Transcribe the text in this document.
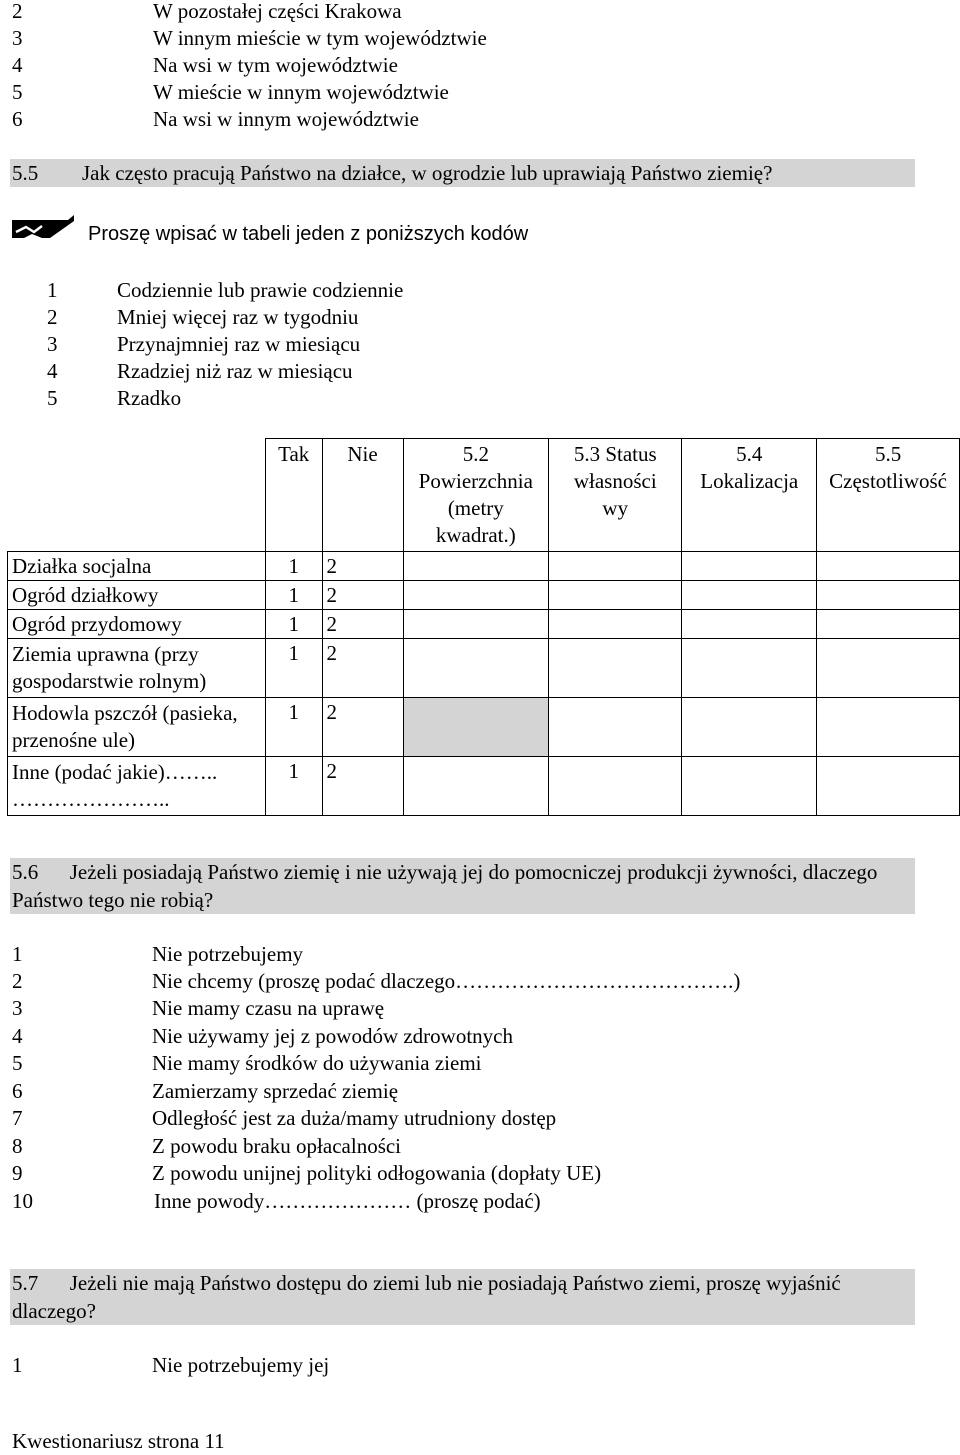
2	W pozostałej części Krakowa
3	W innym mieście w tym województwie
4	Na wsi w tym województwie
5	W mieście w innym województwie
6	Na wsi w innym województwie
5.5 Jak często pracują Państwo na działce, w ogrodzie lub uprawiają Państwo ziemię?
Proszę wpisać w tabeli jeden z poniższych kodów
1	Codziennie lub prawie codziennie
2	Mniej więcej raz w tygodniu
3	Przynajmniej raz w miesiącu
4	Rzadziej niż raz w miesiącu
5	Rzadko

	Tak	Nie	5.2 Powierzchnia (metry kwadrat.)	5.3 Status własności wy	5.4 Lokalizacja	5.5 Częstotliwość

Działka socjalna	1	2				

Ogród działkowy	1	2				

Ogród przydomowy	1	2				

Ziemia uprawna (przy gospodarstwie rolnym)	1	2				

Hodowla pszczół (pasieka, przenośne ule)	1	2				

Inne (podać jakie)…….. …………………..	1	2				

5.6 Jeżeli posiadają Państwo ziemię i nie używają jej do pomocniczej produkcji żywności, dlaczego Państwo tego nie robią?
1	Nie potrzebujemy
2	Nie chcemy (proszę podać dlaczego………………………………….)
3	Nie mamy czasu na uprawę
4	Nie używamy jej z powodów zdrowotnych
5	Nie mamy środków do używania ziemi
6	Zamierzamy sprzedać ziemię
7	Odległość jest za duża/mamy utrudniony dostęp
8	Z powodu braku opłacalności
9	Z powodu unijnej polityki odłogowania (dopłaty UE)
10	Inne powody………………… (proszę podać)
5.7 Jeżeli nie mają Państwo dostępu do ziemi lub nie posiadają Państwo ziemi, proszę wyjaśnić dlaczego?
1	Nie potrzebujemy jej
Kwestionariusz strona 11
